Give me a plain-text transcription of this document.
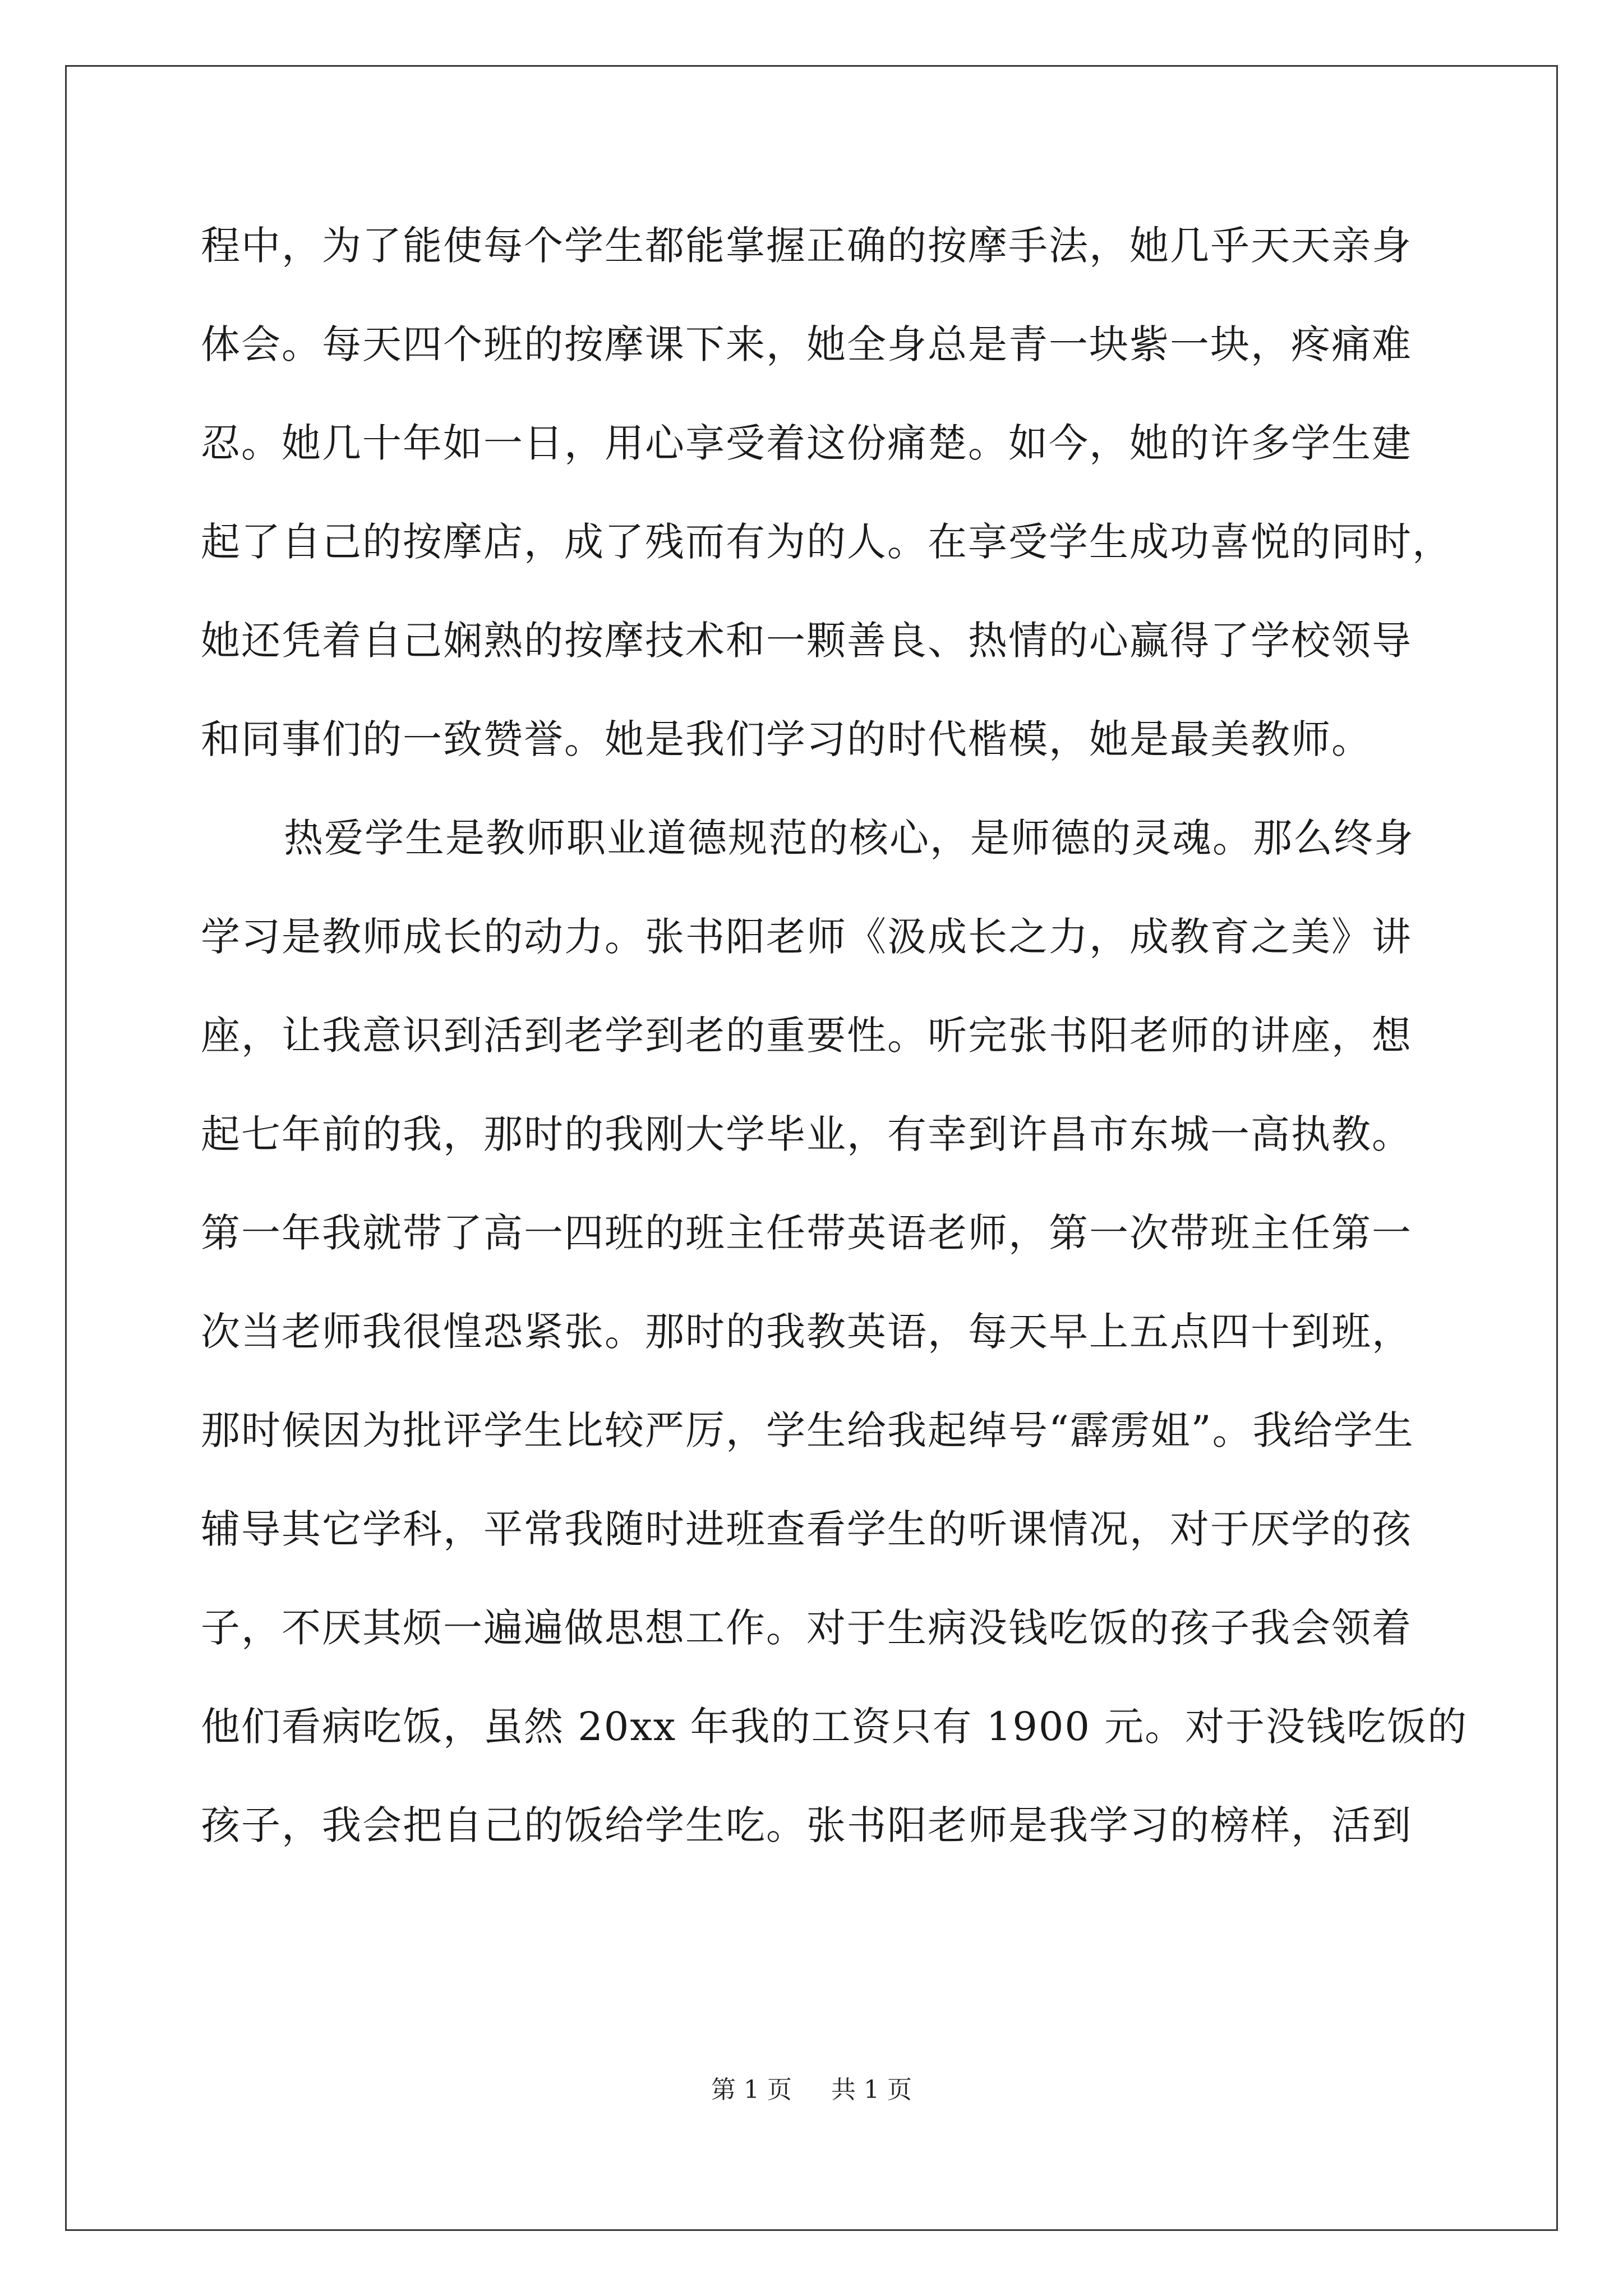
程中，为了能使每个学生都能掌握正确的按摩手法，她几乎天天亲身
体会。每天四个班的按摩课下来，她全身总是青一块紫一块，疼痛难
忍。她几十年如一日，用心享受着这份痛楚。如今，她的许多学生建
起了自己的按摩店，成了残而有为的人。在享受学生成功喜悦的同时，
她还凭着自己娴熟的按摩技术和一颗善良、热情的心赢得了学校领导
和同事们的一致赞誉。她是我们学习的时代楷模，她是最美教师。
热爱学生是教师职业道德规范的核心，是师德的灵魂。那么终身
学习是教师成长的动力。张书阳老师《汲成长之力，成教育之美》讲
座，让我意识到活到老学到老的重要性。听完张书阳老师的讲座，想
起七年前的我，那时的我刚大学毕业，有幸到许昌市东城一高执教。
第一年我就带了高一四班的班主任带英语老师，第一次带班主任第一
次当老师我很惶恐紧张。那时的我教英语，每天早上五点四十到班，
那时候因为批评学生比较严厉，学生给我起绰号“霹雳姐”。我给学生
辅导其它学科，平常我随时进班查看学生的听课情况，对于厌学的孩
子，不厌其烦一遍遍做思想工作。对于生病没钱吃饭的孩子我会领着
他们看病吃饭，虽然 20xx 年我的工资只有 1900 元。对于没钱吃饭的
孩子，我会把自己的饭给学生吃。张书阳老师是我学习的榜样，活到
第 1 页 共 1 页
